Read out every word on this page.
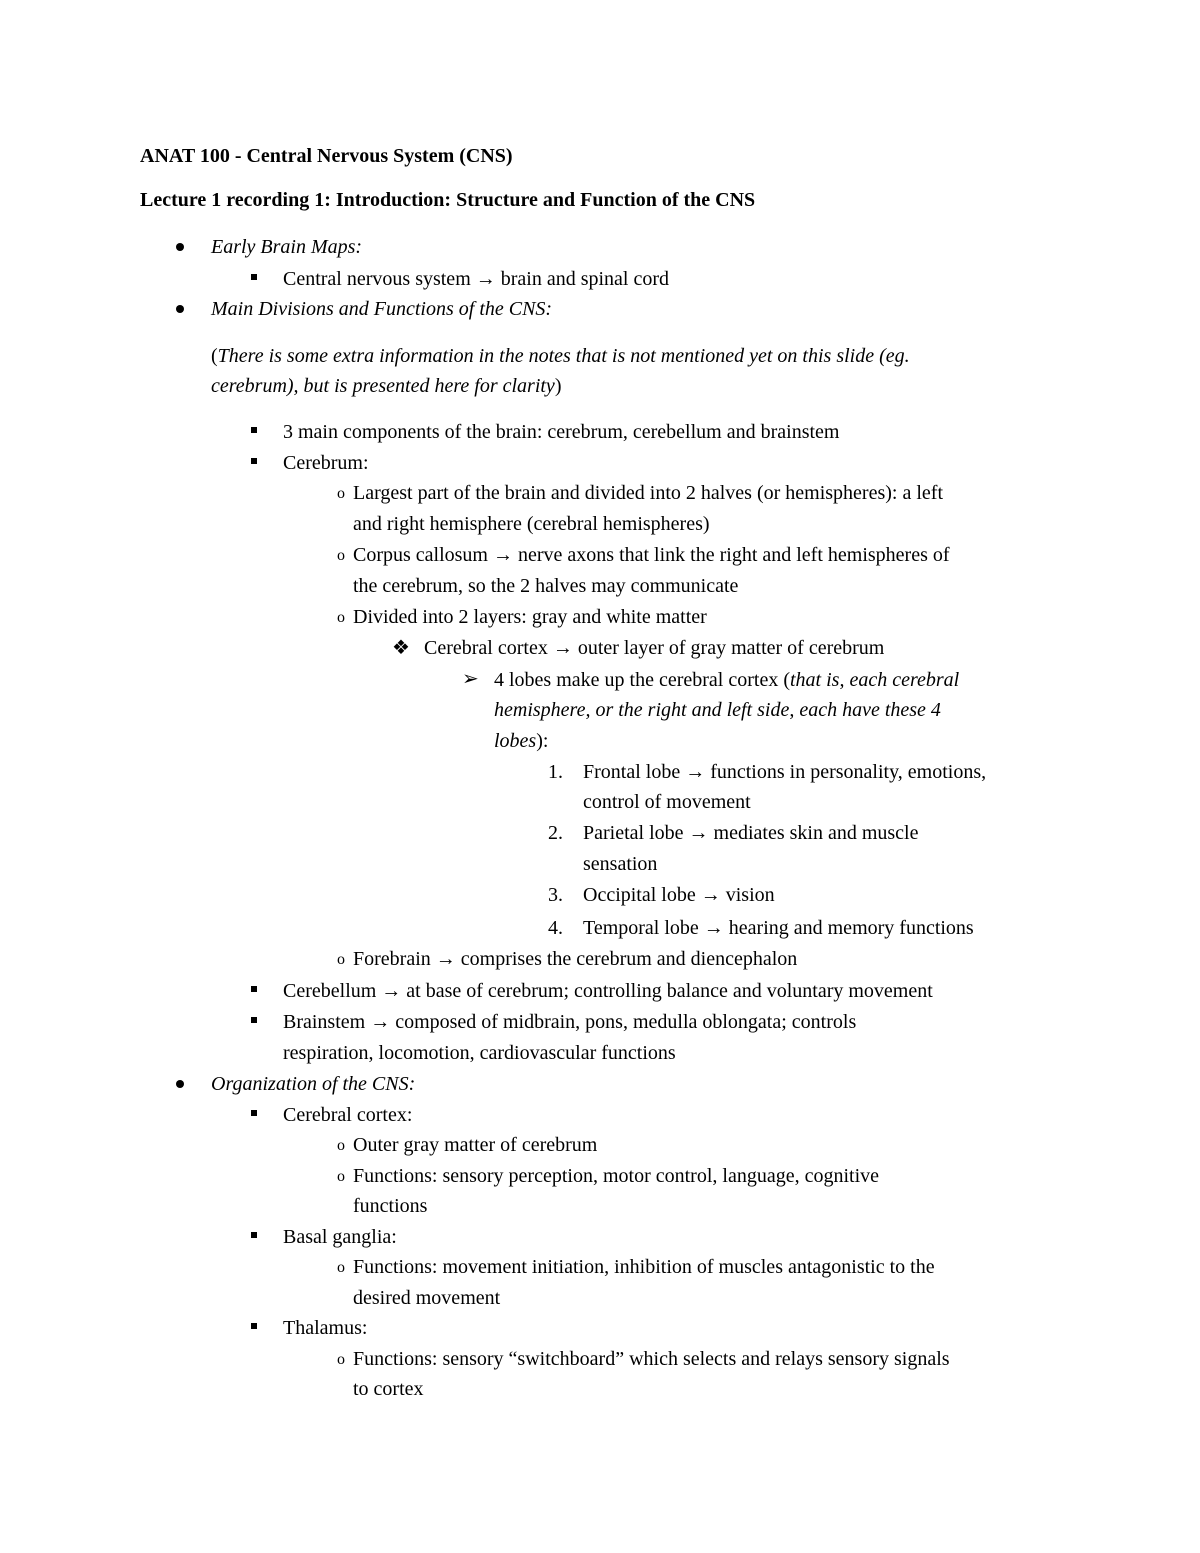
ANAT 100 - Central Nervous System (CNS)
Lecture 1 recording 1: Introduction: Structure and Function of the CNS
Early Brain Maps:
Central nervous system → brain and spinal cord
Main Divisions and Functions of the CNS:
(There is some extra information in the notes that is not mentioned yet on this slide (eg.
cerebrum), but is presented here for clarity)
3 main components of the brain: cerebrum, cerebellum and brainstem
Cerebrum:
o Largest part of the brain and divided into 2 halves (or hemispheres): a left
and right hemisphere (cerebral hemispheres)
o Corpus callosum → nerve axons that link the right and left hemispheres of
the cerebrum, so the 2 halves may communicate
o Divided into 2 layers: gray and white matter
❖ Cerebral cortex → outer layer of gray matter of cerebrum
➢ 4 lobes make up the cerebral cortex (that is, each cerebral
hemisphere, or the right and left side, each have these 4
lobes):
1. Frontal lobe → functions in personality, emotions,
control of movement
2. Parietal lobe → mediates skin and muscle
sensation
3. Occipital lobe → vision
4. Temporal lobe → hearing and memory functions
o Forebrain → comprises the cerebrum and diencephalon
Cerebellum → at base of cerebrum; controlling balance and voluntary movement
Brainstem → composed of midbrain, pons, medulla oblongata; controls
respiration, locomotion, cardiovascular functions
Organization of the CNS:
Cerebral cortex:
o Outer gray matter of cerebrum
o Functions: sensory perception, motor control, language, cognitive
functions
Basal ganglia:
o Functions: movement initiation, inhibition of muscles antagonistic to the
desired movement
Thalamus:
o Functions: sensory “switchboard” which selects and relays sensory signals
to cortex
